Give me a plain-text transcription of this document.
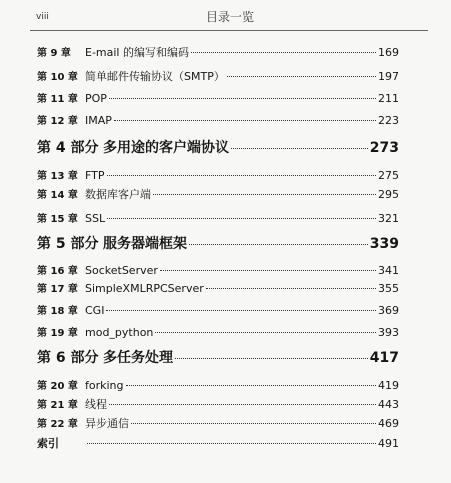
viii	目录一览
第 9 章	E-mail 的编写和编码	169
第 10 章 简单邮件传输协议（SMTP）	197
第 11 章 POP	211
第 12 章 IMAP	223
第 4 部分 多用途的客户端协议	273
第 13 章 FTP	275
第 14 章 数据库客户端	295
第 15 章 SSL	321
第 5 部分 服务器端框架	339
第 16 章 SocketServer	341
第 17 章 SimpleXMLRPCServer	355
第 18 章 CGI	369
第 19 章 mod_python	393
第 6 部分 多任务处理	417
第 20 章 forking	419
第 21 章 线程	443
第 22 章 异步通信	469
索引	491
